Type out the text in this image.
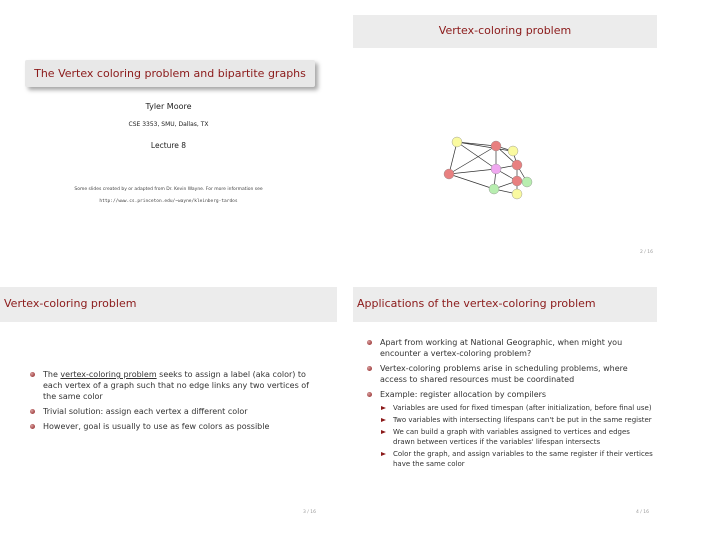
The Vertex coloring problem and bipartite graphs
Tyler Moore
CSE 3353, SMU, Dallas, TX
Lecture 8
Some slides created by or adapted from Dr. Kevin Wayne. For more information see
http://www.cs.princeton.edu/~wayne/kleinberg-tardos
Vertex-coloring problem
2 / 16
Vertex-coloring problem
The vertex-coloring problem seeks to assign a label (aka color) to each vertex of a graph such that no edge links any two vertices of the same color
Trivial solution: assign each vertex a different color
However, goal is usually to use as few colors as possible
3 / 16
Applications of the vertex-coloring problem
Apart from working at National Geographic, when might you encounter a vertex-coloring problem?
Vertex-coloring problems arise in scheduling problems, where access to shared resources must be coordinated
Example: register allocation by compilers
Variables are used for fixed timespan (after initialization, before final use)
Two variables with intersecting lifespans can't be put in the same register
We can build a graph with variables assigned to vertices and edges drawn between vertices if the variables' lifespan intersects
Color the graph, and assign variables to the same register if their vertices have the same color
4 / 16
